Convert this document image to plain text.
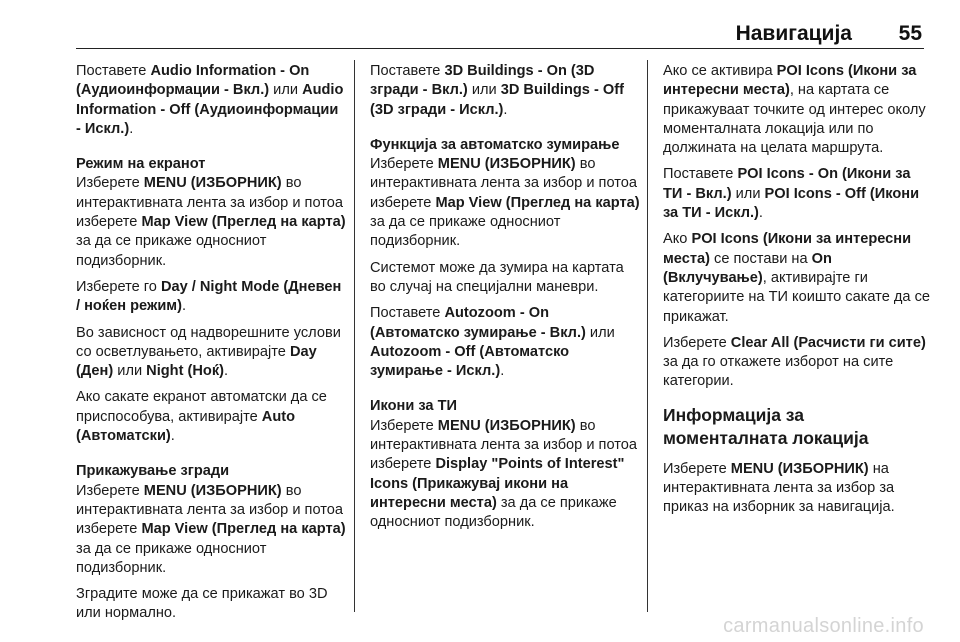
Навигација 55

Поставете Audio Information - On (Аудиоинформации - Вкл.) или Audio Information - Off (Аудиоинформации - Искл.).

Режим на екранот

Изберете MENU (ИЗБОРНИК) во интерактивната лента за избор и потоа изберете Map View (Преглед на карта) за да се прикаже односниот подизборник.

Изберете го Day / Night Mode (Дневен / ноќен режим).

Во зависност од надворешните услови со осветлувањето, активирајте Day (Ден) или Night (Ноќ).

Ако сакате екранот автоматски да се приспособува, активирајте Auto (Автоматски).

Прикажување згради

Изберете MENU (ИЗБОРНИК) во интерактивната лента за избор и потоа изберете Map View (Преглед на карта) за да се прикаже односниот подизборник.

Зградите може да се прикажат во 3D или нормално.

Поставете 3D Buildings - On (3D згради - Вкл.) или 3D Buildings - Off (3D згради - Искл.).

Функција за автоматско зумирање

Изберете MENU (ИЗБОРНИК) во интерактивната лента за избор и потоа изберете Map View (Преглед на карта) за да се прикаже односниот подизборник.

Системот може да зумира на картата во случај на специјални маневри.

Поставете Autozoom - On (Автоматско зумирање - Вкл.) или Autozoom - Off (Автоматско зумирање - Искл.).

Икони за ТИ

Изберете MENU (ИЗБОРНИК) во интерактивната лента за избор и потоа изберете Display "Points of Interest" Icons (Прикажувај икони на интересни места) за да се прикаже односниот подизборник.

Ако се активира POI Icons (Икони за интересни места), на картата се прикажуваат точките од интерес околу моменталната локација или по должината на целата маршрута.

Поставете POI Icons - On (Икони за ТИ - Вкл.) или POI Icons - Off (Икони за ТИ - Искл.).

Ако POI Icons (Икони за интересни места) се постави на On (Вклучување), активирајте ги категориите на ТИ коишто сакате да се прикажат.

Изберете Clear All (Расчисти ги сите) за да го откажете изборот на сите категории.

Информација за моменталната локација

Изберете MENU (ИЗБОРНИК) на интерактивната лента за избор за приказ на изборник за навигација.

carmanualsonline.info
